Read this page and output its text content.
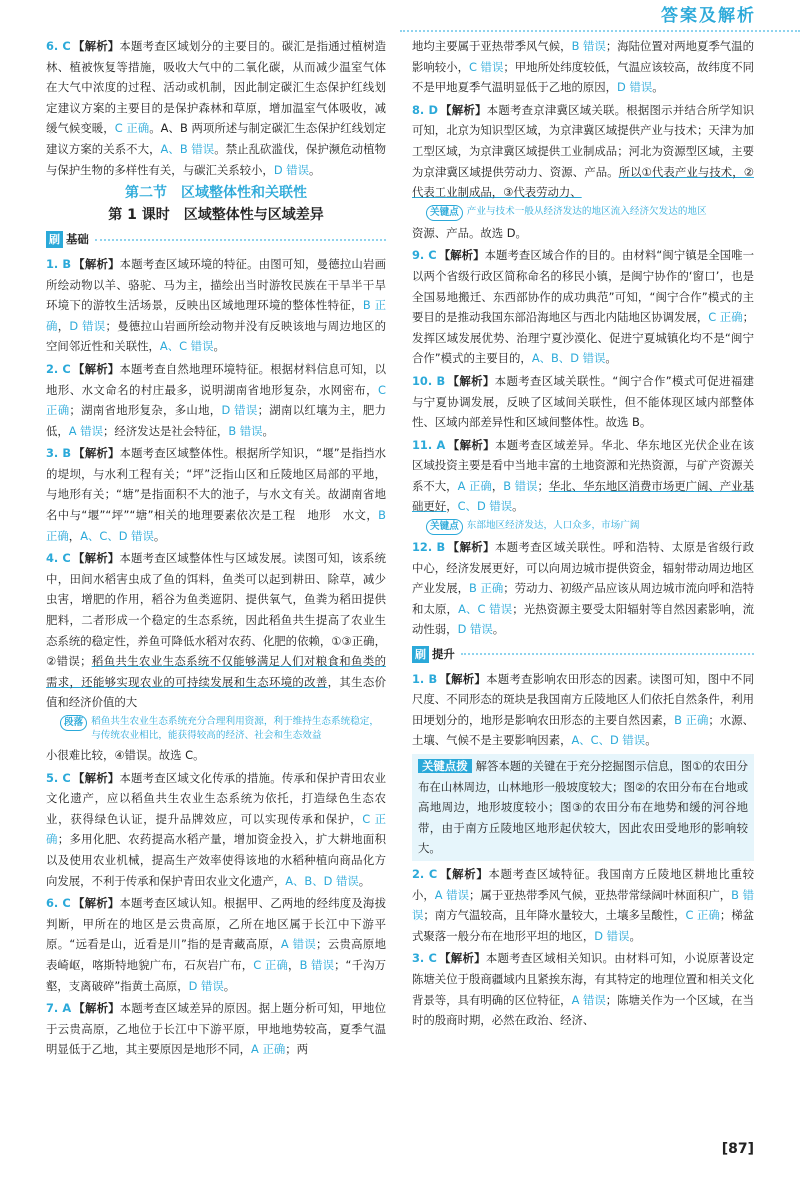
答案及解析

6. C 【解析】本题考查区域划分的主要目的。碳汇是指通过植树造林、植被恢复等措施，吸收大气中的二氧化碳，从而减少温室气体在大气中浓度的过程、活动或机制，因此制定碳汇生态保护红线划定建议方案的主要目的是保护森林和草原，增加温室气体吸收，减缓气候变暖，C 正确。A、B 两项所述与制定碳汇生态保护红线划定建议方案的关系不大，A、B 错误。禁止乱砍滥伐，保护濒危动植物与保护生物的多样性有关，与碳汇关系较小，D 错误。

第二节　区域整体性和关联性
第 1 课时　区域整体性与区域差异
刷 基础

1. B 【解析】本题考查区域环境的特征。由图可知，曼德拉山岩画所绘动物以羊、骆驼、马为主，描绘出当时游牧民族在干旱半干旱环境下的游牧生活场景，反映出区域地理环境的整体性特征，B 正确，D 错误；曼德拉山岩画所绘动物并没有反映该地与周边地区的空间邻近性和关联性，A、C 错误。

2. C 【解析】本题考查自然地理环境特征。根据材料信息可知，以地形、水文命名的村庄最多，说明湖南省地形复杂，水网密布，C 正确；湖南省地形复杂，多山地，D 错误；湖南以红壤为主，肥力低，A 错误；经济发达是社会特征，B 错误。

3. B 【解析】本题考查区域整体性。根据所学知识，“堰”是指挡水的堤坝，与水利工程有关；“坪”泛指山区和丘陵地区局部的平地，与地形有关；“塘”是指面积不大的池子，与水文有关。故湖南省地名中与“堰”“坪”“塘”相关的地理要素依次是工程　地形　水文，B 正确，A、C、D 错误。

4. C 【解析】本题考查区域整体性与区域发展。读图可知，该系统中，田间水稻害虫成了鱼的饵料，鱼类可以起到耕田、除草，减少虫害，增肥的作用，稻谷为鱼类遮阴、提供氧气，鱼粪为稻田提供肥料，二者形成一个稳定的生态系统，因此稻鱼共生提高了农业生态系统的稳定性，养鱼可降低水稻对农药、化肥的依赖，①③正确，②错误；稻鱼共生农业生态系统不仅能够满足人们对粮食和鱼类的需求，还能够实现农业的可持续发展和生态环境的改善，其生态价值和经济价值的大

段落 稻鱼共生农业生态系统充分合理利用资源，利于维持生态系统稳定，与传统农业相比，能获得较高的经济、社会和生态效益

小很难比较，④错误。故选 C。

5. C 【解析】本题考查区域文化传承的措施。传承和保护青田农业文化遗产，应以稻鱼共生农业生态系统为依托，打造绿色生态农业，获得绿色认证，提升品牌效应，可以实现传承和保护，C 正确；多用化肥、农药提高水稻产量，增加资金投入，扩大耕地面积以及使用农业机械，提高生产效率使得该地的水稻种植向商品化方向发展，不利于传承和保护青田农业文化遗产，A、B、D 错误。

6. C 【解析】本题考查区域认知。根据甲、乙两地的经纬度及海拔判断，甲所在的地区是云贵高原，乙所在地区属于长江中下游平原。“远看是山，近看是川”指的是青藏高原，A 错误；云贵高原地表崎岖，喀斯特地貌广布，石灰岩广布，C 正确，B 错误；“千沟万壑，支离破碎”指黄土高原，D 错误。

7. A 【解析】本题考查区域差异的原因。据上题分析可知，甲地位于云贵高原，乙地位于长江中下游平原，甲地地势较高，夏季气温明显低于乙地，其主要原因是地形不同，A 正确；两

地均主要属于亚热带季风气候，B 错误；海陆位置对两地夏季气温的影响较小，C 错误；甲地所处纬度较低，气温应该较高，故纬度不同不是甲地夏季气温明显低于乙地的原因，D 错误。

8. D 【解析】本题考查京津冀区域关联。根据图示并结合所学知识可知，北京为知识型区域，为京津冀区域提供产业与技术；天津为加工型区域，为京津冀区域提供工业制成品；河北为资源型区域，主要为京津冀区域提供劳动力、资源、产品。所以①代表产业与技术，②代表工业制成品，③代表劳动力、

关键点 产业与技术一般从经济发达的地区流入经济欠发达的地区

资源、产品。故选 D。

9. C 【解析】本题考查区域合作的目的。由材料“闽宁镇是全国唯一以两个省级行政区简称命名的移民小镇，是闽宁协作的‘窗口’，也是全国易地搬迁、东西部协作的成功典范”可知，“闽宁合作”模式的主要目的是推动我国东部沿海地区与西北内陆地区协调发展，C 正确；发挥区域发展优势、治理宁夏沙漠化、促进宁夏城镇化均不是“闽宁合作”模式的主要目的，A、B、D 错误。

10. B 【解析】本题考查区域关联性。“闽宁合作”模式可促进福建与宁夏协调发展，反映了区域间关联性，但不能体现区域内部整体性、区域内部差异性和区域间整体性。故选 B。

11. A 【解析】本题考查区域差异。华北、华东地区光伏企业在该区域投资主要是看中当地丰富的土地资源和光热资源，与矿产资源关系不大，A 正确，B 错误；华北、华东地区消费市场更广阔、产业基础更好，C、D 错误。

关键点 东部地区经济发达，人口众多，市场广阔

12. B 【解析】本题考查区域关联性。呼和浩特、太原是省级行政中心，经济发展更好，可以向周边城市提供资金，辐射带动周边地区产业发展，B 正确；劳动力、初级产品应该从周边城市流向呼和浩特和太原，A、C 错误；光热资源主要受太阳辐射等自然因素影响，流动性弱，D 错误。

刷 提升

1. B 【解析】本题考查影响农田形态的因素。读图可知，图中不同尺度、不同形态的斑块是我国南方丘陵地区人们依托自然条件，利用田埂划分的，地形是影响农田形态的主要自然因素，B 正确；水源、土壤、气候不是主要影响因素，A、C、D 错误。

关键点拨 解答本题的关键在于充分挖掘图示信息，图①的农田分布在山林周边，山林地形一般坡度较大；图②的农田分布在台地或高地周边，地形坡度较小；图③的农田分布在地势和缓的河谷地带，由于南方丘陵地区地形起伏较大，因此农田受地形的影响较大。

2. C 【解析】本题考查区域特征。我国南方丘陵地区耕地比重较小，A 错误；属于亚热带季风气候，亚热带常绿阔叶林面积广，B 错误；南方气温较高，且年降水量较大，土壤多呈酸性，C 正确；梯盆式聚落一般分布在地形平坦的地区，D 错误。

3. C 【解析】本题考查区域相关知识。由材料可知，小说原著设定陈塘关位于殷商疆域内且紧挨东海，有其特定的地理位置和相关文化背景等，具有明确的区位特征，A 错误；陈塘关作为一个区域，在当时的殷商时期，必然在政治、经济、

[87]
